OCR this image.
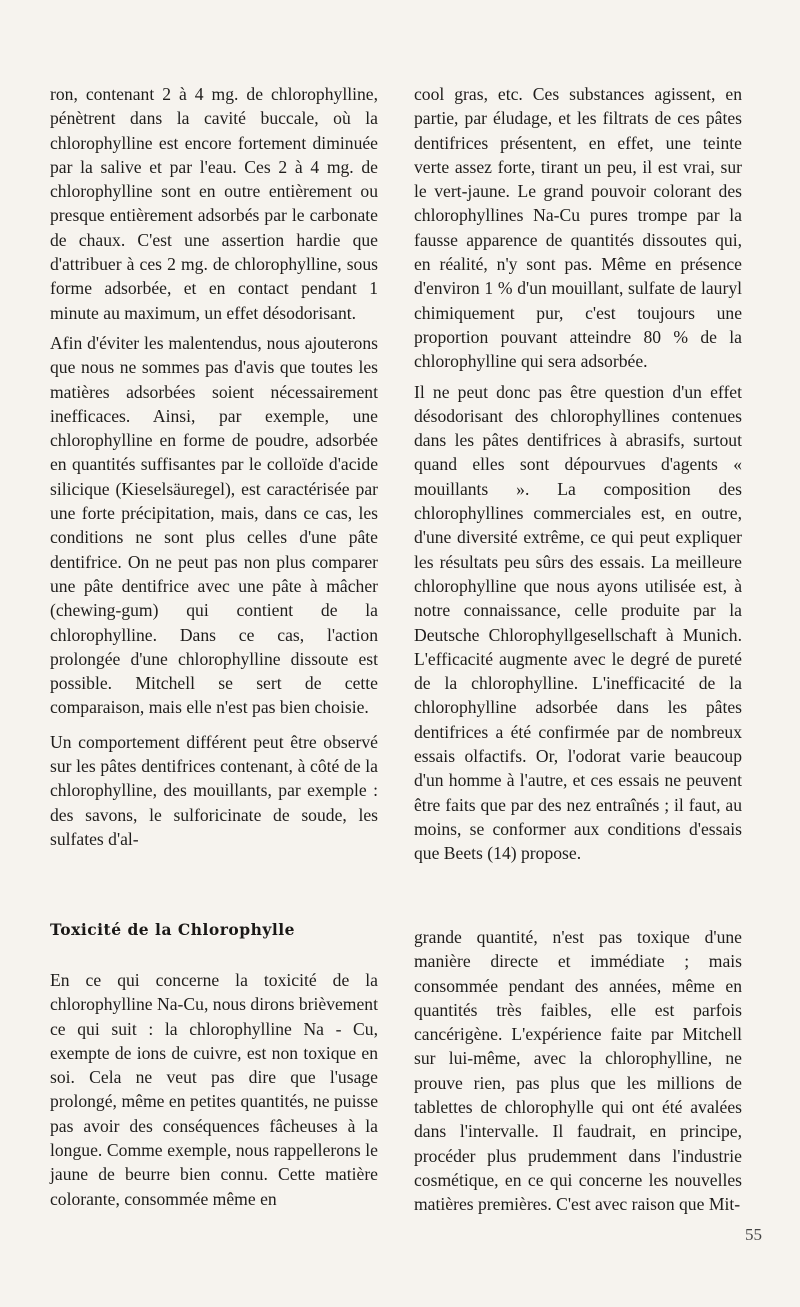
ron, contenant 2 à 4 mg. de chlorophylline, pénètrent dans la cavité buccale, où la chlorophylline est encore fortement diminuée par la salive et par l'eau. Ces 2 à 4 mg. de chlorophylline sont en outre entièrement ou presque entièrement adsorbés par le carbonate de chaux. C'est une assertion hardie que d'attribuer à ces 2 mg. de chlorophylline, sous forme adsorbée, et en contact pendant 1 minute au maximum, un effet désodorisant.

Afin d'éviter les malentendus, nous ajouterons que nous ne sommes pas d'avis que toutes les matières adsorbées soient nécessairement inefficaces. Ainsi, par exemple, une chlorophylline en forme de poudre, adsorbée en quantités suffisantes par le colloïde d'acide silicique (Kieselsäuregel), est caractérisée par une forte précipitation, mais, dans ce cas, les conditions ne sont plus celles d'une pâte dentifrice. On ne peut pas non plus comparer une pâte dentifrice avec une pâte à mâcher (chewing-gum) qui contient de la chlorophylline. Dans ce cas, l'action prolongée d'une chlorophylline dissoute est possible. Mitchell se sert de cette comparaison, mais elle n'est pas bien choisie.

Un comportement différent peut être observé sur les pâtes dentifrices contenant, à côté de la chlorophylline, des mouillants, par exemple : des savons, le sulforicinate de soude, les sulfates d'al-

cool gras, etc. Ces substances agissent, en partie, par éludage, et les filtrats de ces pâtes dentifrices présentent, en effet, une teinte verte assez forte, tirant un peu, il est vrai, sur le vert-jaune. Le grand pouvoir colorant des chlorophyllines Na-Cu pures trompe par la fausse apparence de quantités dissoutes qui, en réalité, n'y sont pas. Même en présence d'environ 1 % d'un mouillant, sulfate de lauryl chimiquement pur, c'est toujours une proportion pouvant atteindre 80 % de la chlorophylline qui sera adsorbée.

Il ne peut donc pas être question d'un effet désodorisant des chlorophyllines contenues dans les pâtes dentifrices à abrasifs, surtout quand elles sont dépourvues d'agents « mouillants ». La composition des chlorophyllines commerciales est, en outre, d'une diversité extrême, ce qui peut expliquer les résultats peu sûrs des essais. La meilleure chlorophylline que nous ayons utilisée est, à notre connaissance, celle produite par la Deutsche Chlorophyllgesellschaft à Munich. L'efficacité augmente avec le degré de pureté de la chlorophylline. L'inefficacité de la chlorophylline adsorbée dans les pâtes dentifrices a été confirmée par de nombreux essais olfactifs. Or, l'odorat varie beaucoup d'un homme à l'autre, et ces essais ne peuvent être faits que par des nez entraînés ; il faut, au moins, se conformer aux conditions d'essais que Beets (14) propose.

Toxicité de la Chlorophylle

En ce qui concerne la toxicité de la chlorophylline Na-Cu, nous dirons brièvement ce qui suit : la chlorophylline Na - Cu, exempte de ions de cuivre, est non toxique en soi. Cela ne veut pas dire que l'usage prolongé, même en petites quantités, ne puisse pas avoir des conséquences fâcheuses à la longue. Comme exemple, nous rappellerons le jaune de beurre bien connu. Cette matière colorante, consommée même en

grande quantité, n'est pas toxique d'une manière directe et immédiate ; mais consommée pendant des années, même en quantités très faibles, elle est parfois cancérigène. L'expérience faite par Mitchell sur lui-même, avec la chlorophylline, ne prouve rien, pas plus que les millions de tablettes de chlorophylle qui ont été avalées dans l'intervalle. Il faudrait, en principe, procéder plus prudemment dans l'industrie cosmétique, en ce qui concerne les nouvelles matières premières. C'est avec raison que Mit-

55
